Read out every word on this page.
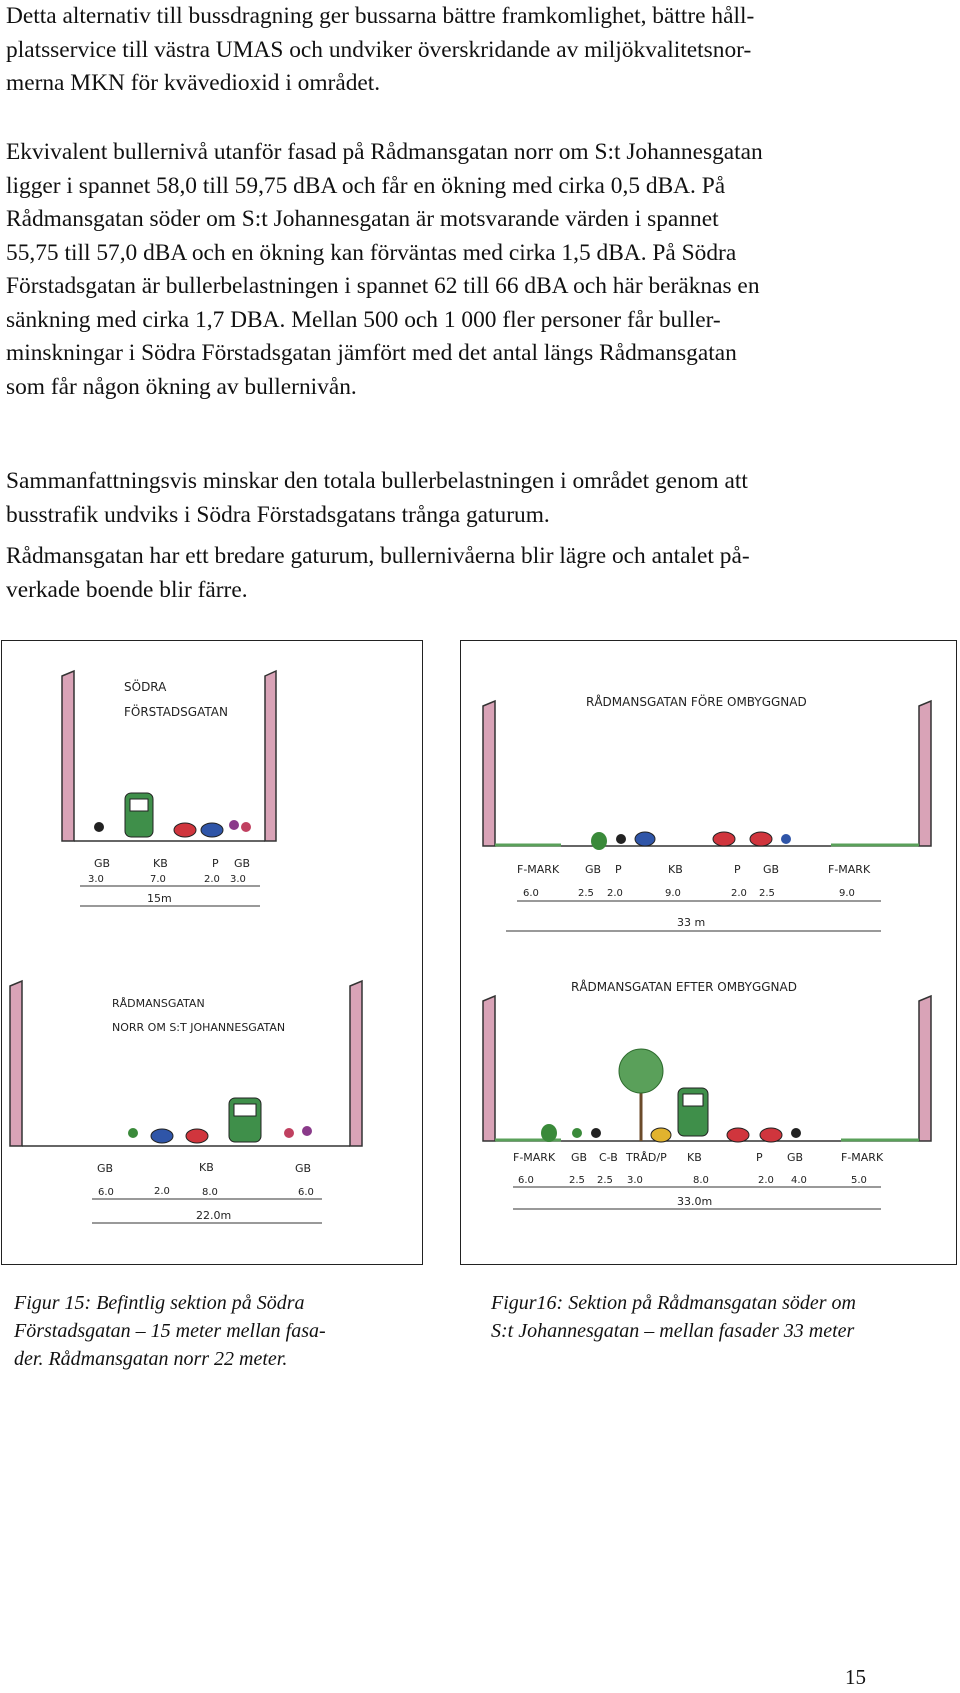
Detta alternativ till bussdragning ger bussarna bättre framkomlighet, bättre håll-
platsservice till västra UMAS och undviker överskridande av miljökvalitetsnor-
merna MKN för kvävedioxid i området.
Ekvivalent bullernivå utanför fasad på Rådmansgatan norr om S:t Johannesgatan
ligger i spannet 58,0 till 59,75 dBA och får en ökning med cirka 0,5 dBA. På
Rådmansgatan söder om S:t Johannesgatan är motsvarande värden i spannet
55,75 till 57,0 dBA och en ökning kan förväntas med cirka 1,5 dBA. På Södra
Förstadsgatan är bullerbelastningen i spannet 62 till 66 dBA och här beräknas en
sänkning med cirka 1,7 DBA. Mellan 500 och 1 000 fler personer får buller-
minskningar i Södra Förstadsgatan jämfört med det antal längs Rådmansgatan
som får någon ökning av bullernivån.
Sammanfattningsvis minskar den totala bullerbelastningen i området genom att
busstrafik undviks i Södra Förstadsgatans trånga gaturum.
Rådmansgatan har ett bredare gaturum, bullernivåerna blir lägre och antalet på-
verkade boende blir färre.
SÖDRA
FÖRSTADSGATAN
GB	KB	P GB
3.0	7.0	2.0 3.0
15m
RÅDMANSGATAN
NORR OM S:T JOHANNESGATAN
GB	KB	GB
6.0	2.0	8.0	6.0
22.0m
RÅDMANSGATAN FÖRE OMBYGGNAD
F-MARK GB P	KB	P GB	F-MARK
6.0	2.5 2.0	9.0	2.0 2.5	9.0
33 m
RÅDMANSGATAN EFTER OMBYGGNAD
F-MARK GB C-B TRÅD/P KB	P GB	F-MARK
6.0	2.5 2.5 3.0	8.0	2.0 4.0	5.0
33.0m
Figur 15: Befintlig sektion på Södra
Förstadsgatan – 15 meter mellan fasa-
der. Rådmansgatan norr 22 meter.
Figur16: Sektion på Rådmansgatan söder om
S:t Johannesgatan – mellan fasader 33 meter
15
